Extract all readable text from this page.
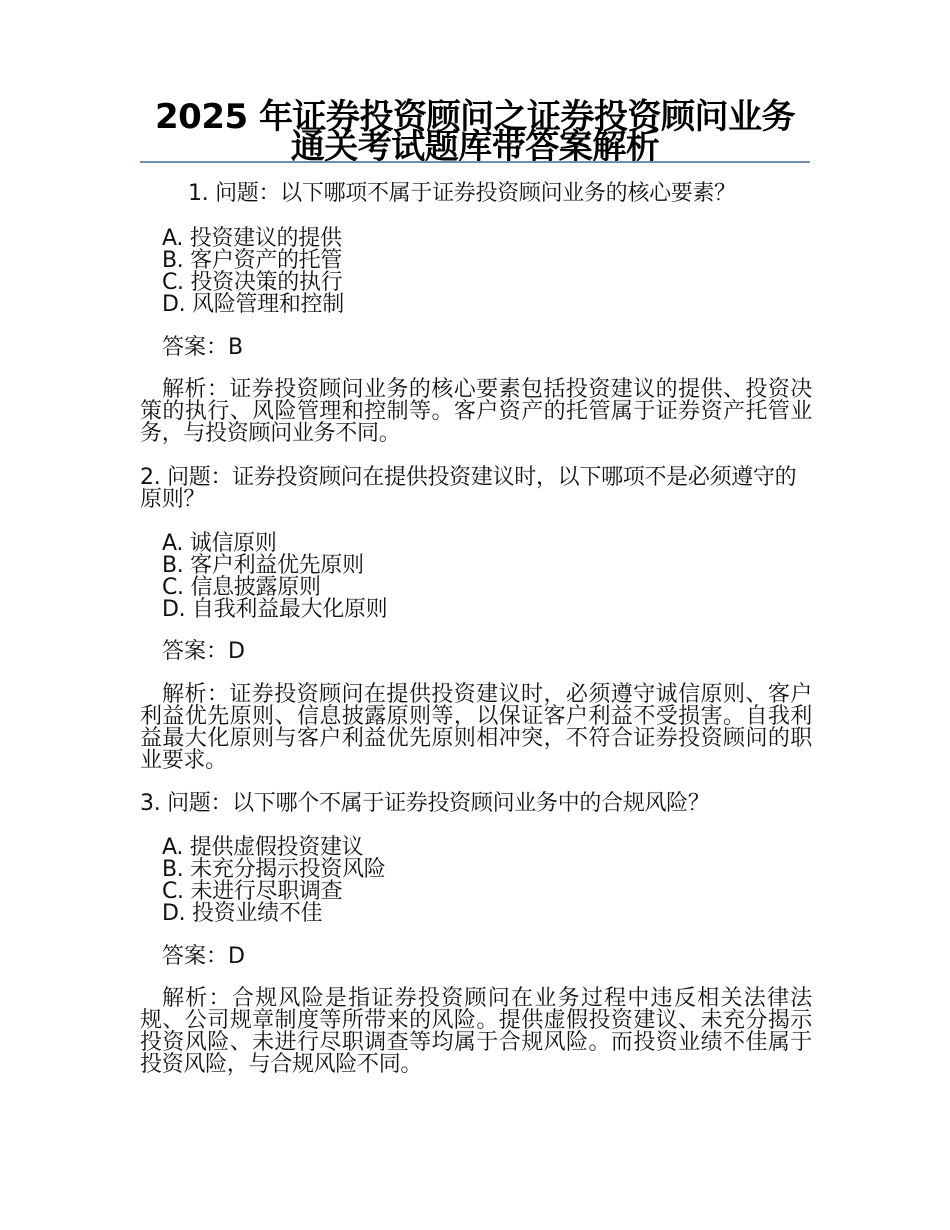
2025 年证券投资顾问之证券投资顾问业务通关考试题库带答案解析

1. 问题：以下哪项不属于证券投资顾问业务的核心要素？

A. 投资建议的提供
B. 客户资产的托管
C. 投资决策的执行
D. 风险管理和控制

答案：B

解析：证券投资顾问业务的核心要素包括投资建议的提供、投资决策的执行、风险管理和控制等。客户资产的托管属于证券资产托管业务，与投资顾问业务不同。

2. 问题：证券投资顾问在提供投资建议时，以下哪项不是必须遵守的原则？

A. 诚信原则
B. 客户利益优先原则
C. 信息披露原则
D. 自我利益最大化原则

答案：D

解析：证券投资顾问在提供投资建议时，必须遵守诚信原则、客户利益优先原则、信息披露原则等，以保证客户利益不受损害。自我利益最大化原则与客户利益优先原则相冲突，不符合证券投资顾问的职业要求。

3. 问题：以下哪个不属于证券投资顾问业务中的合规风险？

A. 提供虚假投资建议
B. 未充分揭示投资风险
C. 未进行尽职调查
D. 投资业绩不佳

答案：D

解析：合规风险是指证券投资顾问在业务过程中违反相关法律法规、公司规章制度等所带来的风险。提供虚假投资建议、未充分揭示投资风险、未进行尽职调查等均属于合规风险。而投资业绩不佳属于投资风险，与合规风险不同。
